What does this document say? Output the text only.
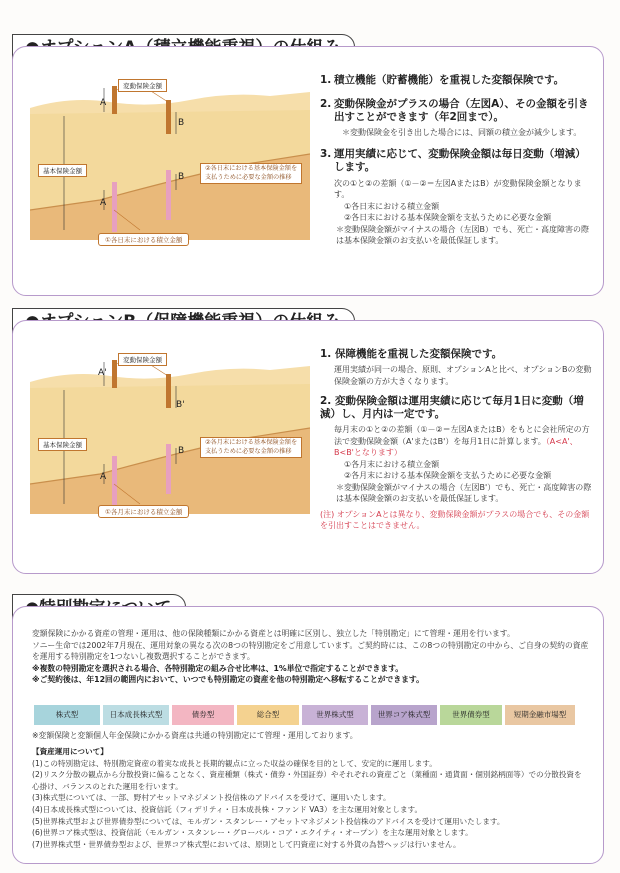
変動保険金額
基本保険金額
A
B
A
B
②各日末における基本保険金額を
支払うために必要な金額の推移
①各日末における積立金額
1. 積立機能（貯蓄機能）を重視した変額保険です。
2. 変動保険金がプラスの場合（左図A）、その金額を引き出すことができます（年2回まで）。
＊変動保険金を引き出した場合には、同額の積立金が減少します。
3. 運用実績に応じて、変動保険金額は毎日変動（増減）します。
次の①と②の差額（①－②＝左図AまたはB）が変動保険金額となります。
①各日末における積立金額
②各日末における基本保険金額を支払うために必要な金額
＊変動保険金額がマイナスの場合（左図B）でも、死亡・高度障害の際は基本保険金額のお支払いを最低保証します。
変動保険金額
基本保険金額
A'
B'
A
B
②各月末における基本保険金額を
支払うために必要な金額の推移
①各月末における積立金額
1. 保障機能を重視した変額保険です。
運用実績が同一の場合、原則、オプションAと比べ、オプションBの変動保険金額の方が大きくなります。
2. 変動保険金額は運用実績に応じて毎月1日に変動（増減）し、月内は一定です。
毎月末の①と②の差額（①－②＝左図AまたはB）をもとに会社所定の方法で変動保険金額（A'またはB'）を毎月1日に計算します。（A<A'、B<B'となります）
①各月末における積立金額
②各月末における基本保険金額を支払うために必要な金額
＊変動保険金額がマイナスの場合（左図B'）でも、死亡・高度障害の際は基本保険金額のお支払いを最低保証します。
(注) オプションAとは異なり、変動保険金額がプラスの場合でも、その金額を引出すことはできません。
変額保険にかかる資産の管理・運用は、他の保険種類にかかる資産とは明確に区別し、独立した「特別勘定」にて管理・運用を行います。
ソニー生命では2002年7月現在、運用対象の異なる次の8つの特別勘定をご用意しています。ご契約時には、この8つの特別勘定の中から、ご自身の契約の資産を運用する特別勘定を1つないし複数選択することができます。
※複数の特別勘定を選択される場合、各特別勘定の組み合せ比率は、1%単位で指定することができます。
※ご契約後は、年12回の範囲内において、いつでも特別勘定の資産を他の特別勘定へ移転することができます。
株式型	日本成長株式型	債券型	総合型	世界株式型	世界コア株式型	世界債券型	短期金融市場型
※変額保険と変額個人年金保険にかかる資産は共通の特別勘定にて管理・運用しております。
【資産運用について】
(1)この特別勘定は、特別勘定資産の着実な成長と長期的観点に立った収益の確保を目的として、安定的に運用します。
(2)リスク分散の観点から分散投資に偏ることなく、資産種類（株式・債券・外国証券）やそれぞれの資産ごと（業種面・通貨面・個別銘柄面等）での分散投資を心掛け、バランスのとれた運用を行います。
(3)株式型については、一部、野村アセットマネジメント投信株のアドバイスを受けて、運用いたします。
(4)日本成長株式型については、投資信託（フィデリティ・日本成長株・ファンド VA3）を主な運用対象とします。
(5)世界株式型および世界債券型については、モルガン・スタンレー・アセットマネジメント投信株のアドバイスを受けて運用いたします。
(6)世界コア株式型は、投資信託（モルガン・スタンレー・グローバル・コア・エクイティ・オープン）を主な運用対象とします。
(7)世界株式型・世界債券型および、世界コア株式型においては、原則として円資産に対する外貨の為替ヘッジは行いません。
